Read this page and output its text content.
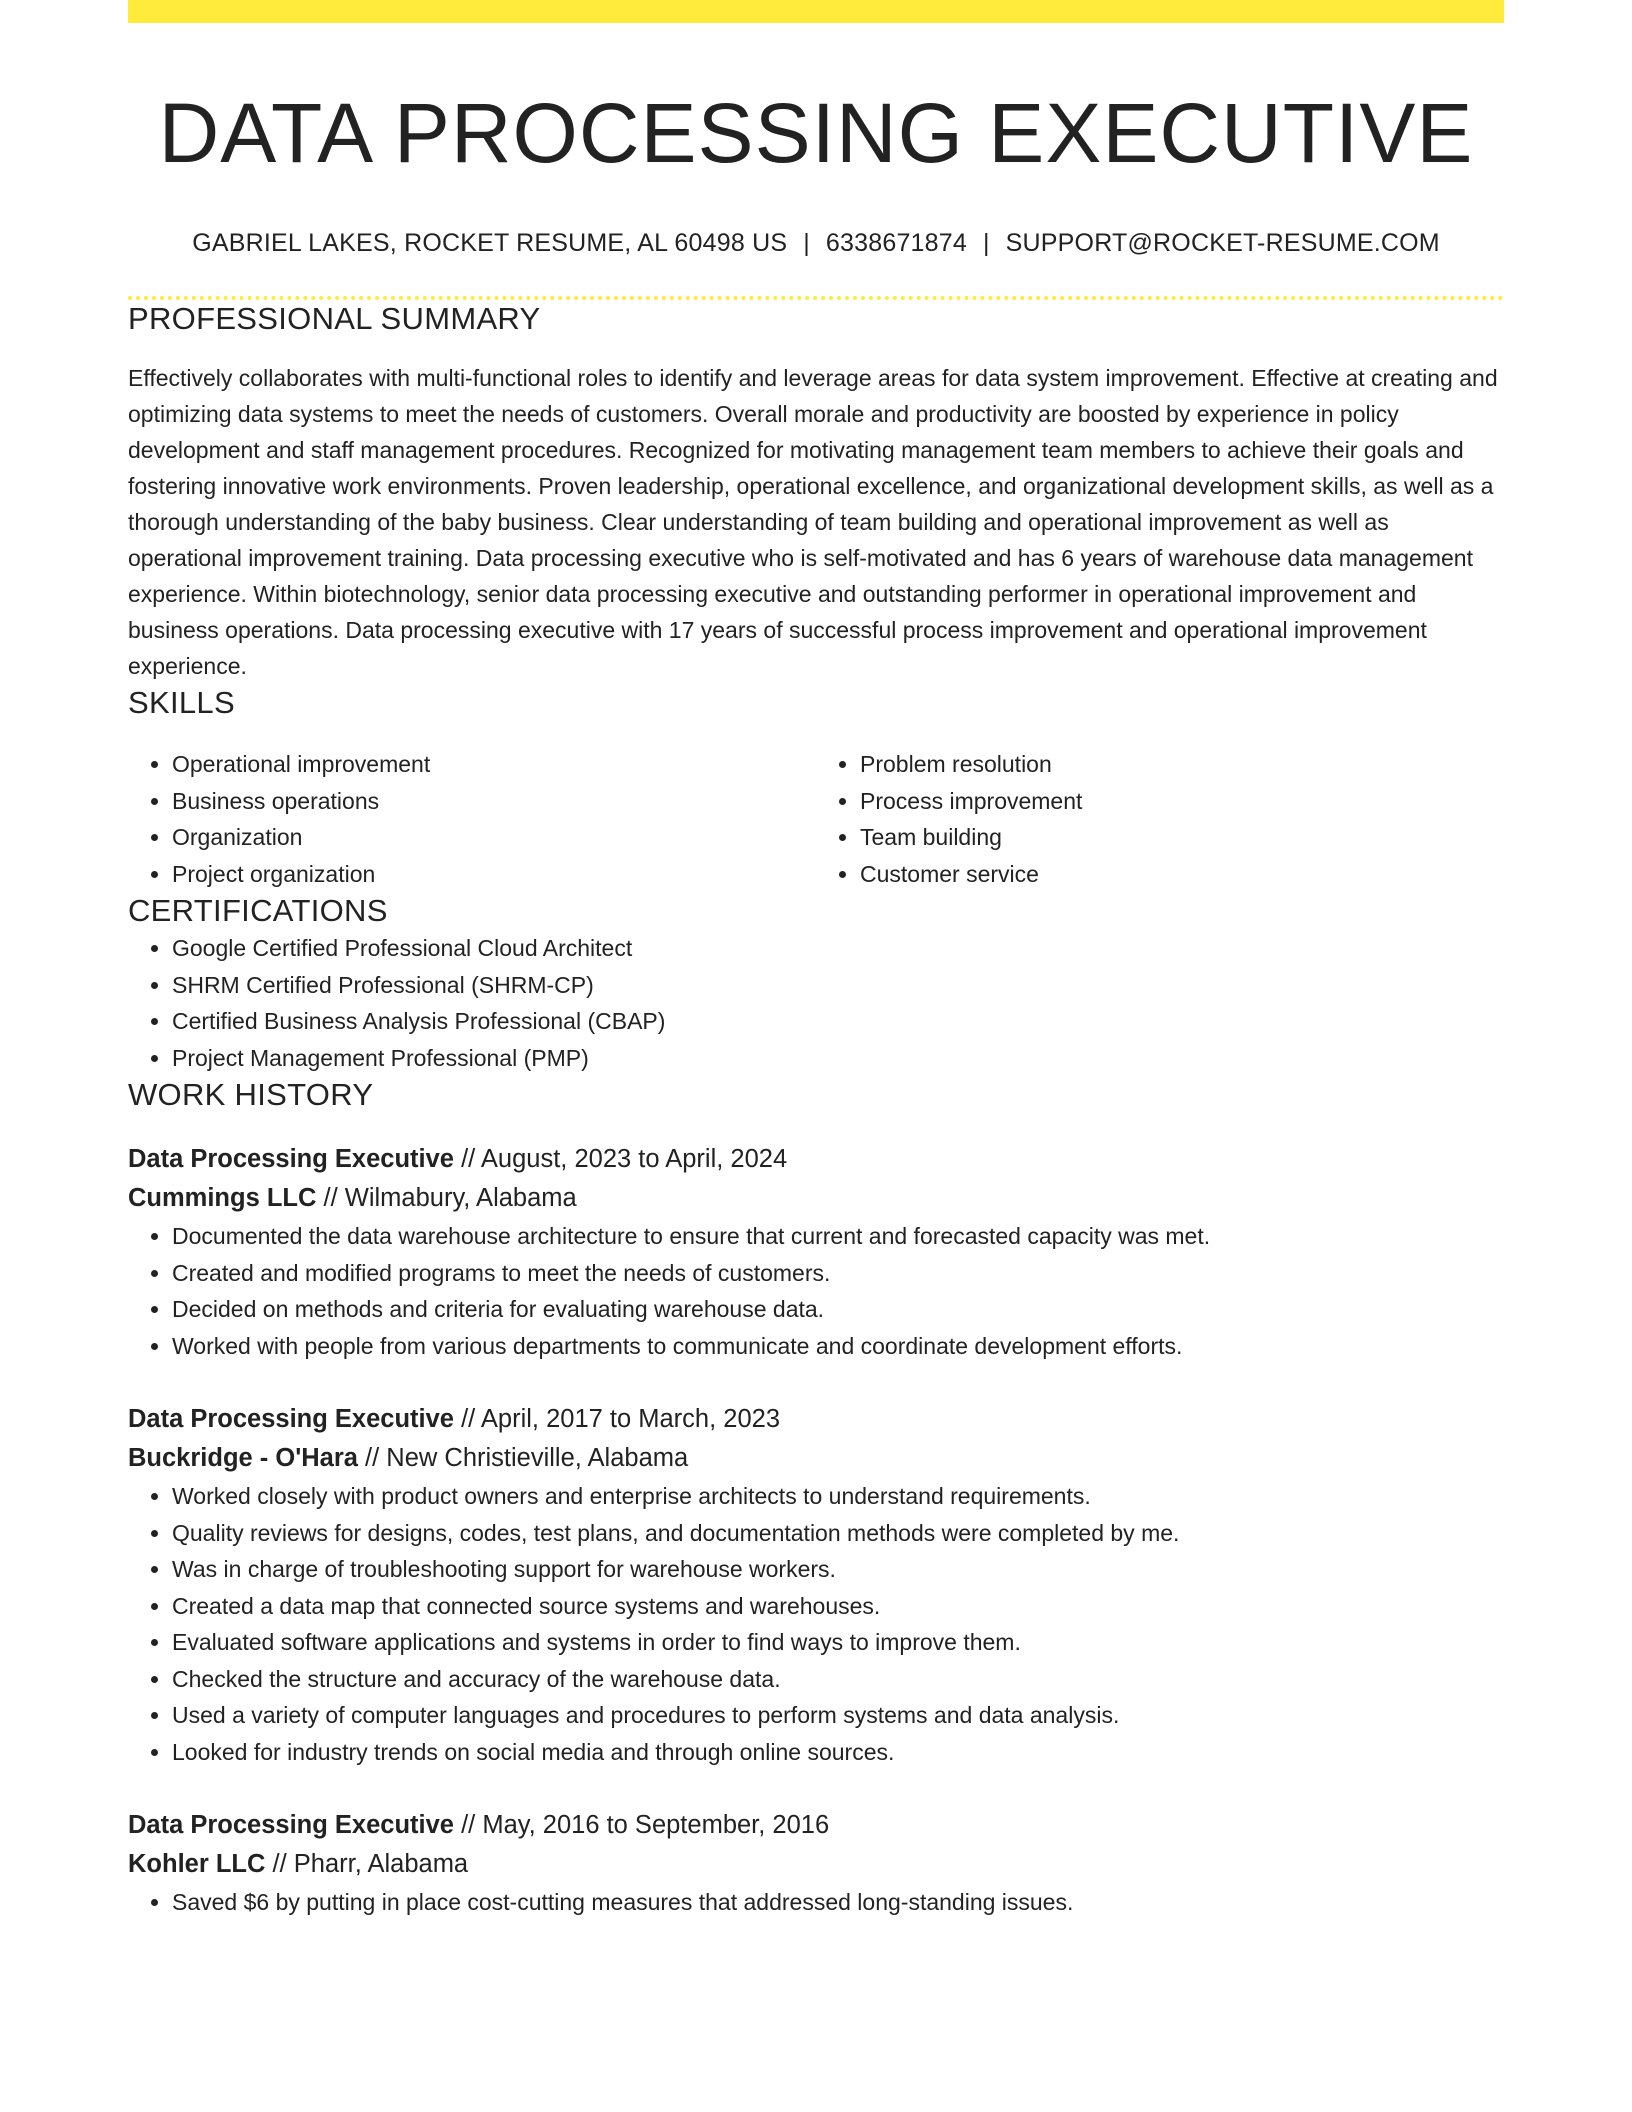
DATA PROCESSING EXECUTIVE
GABRIEL LAKES, ROCKET RESUME, AL 60498 US | 6338671874 | SUPPORT@ROCKET-RESUME.COM
PROFESSIONAL SUMMARY
Effectively collaborates with multi-functional roles to identify and leverage areas for data system improvement. Effective at creating and optimizing data systems to meet the needs of customers. Overall morale and productivity are boosted by experience in policy development and staff management procedures. Recognized for motivating management team members to achieve their goals and fostering innovative work environments. Proven leadership, operational excellence, and organizational development skills, as well as a thorough understanding of the baby business. Clear understanding of team building and operational improvement as well as operational improvement training. Data processing executive who is self-motivated and has 6 years of warehouse data management experience. Within biotechnology, senior data processing executive and outstanding performer in operational improvement and business operations. Data processing executive with 17 years of successful process improvement and operational improvement experience.
SKILLS
• Operational improvement
• Business operations
• Organization
• Project organization
• Problem resolution
• Process improvement
• Team building
• Customer service
CERTIFICATIONS
• Google Certified Professional Cloud Architect
• SHRM Certified Professional (SHRM-CP)
• Certified Business Analysis Professional (CBAP)
• Project Management Professional (PMP)
WORK HISTORY
Data Processing Executive // August, 2023 to April, 2024
Cummings LLC // Wilmabury, Alabama
• Documented the data warehouse architecture to ensure that current and forecasted capacity was met.
• Created and modified programs to meet the needs of customers.
• Decided on methods and criteria for evaluating warehouse data.
• Worked with people from various departments to communicate and coordinate development efforts.
Data Processing Executive // April, 2017 to March, 2023
Buckridge - O'Hara // New Christieville, Alabama
• Worked closely with product owners and enterprise architects to understand requirements.
• Quality reviews for designs, codes, test plans, and documentation methods were completed by me.
• Was in charge of troubleshooting support for warehouse workers.
• Created a data map that connected source systems and warehouses.
• Evaluated software applications and systems in order to find ways to improve them.
• Checked the structure and accuracy of the warehouse data.
• Used a variety of computer languages and procedures to perform systems and data analysis.
• Looked for industry trends on social media and through online sources.
Data Processing Executive // May, 2016 to September, 2016
Kohler LLC // Pharr, Alabama
• Saved $6 by putting in place cost-cutting measures that addressed long-standing issues.
